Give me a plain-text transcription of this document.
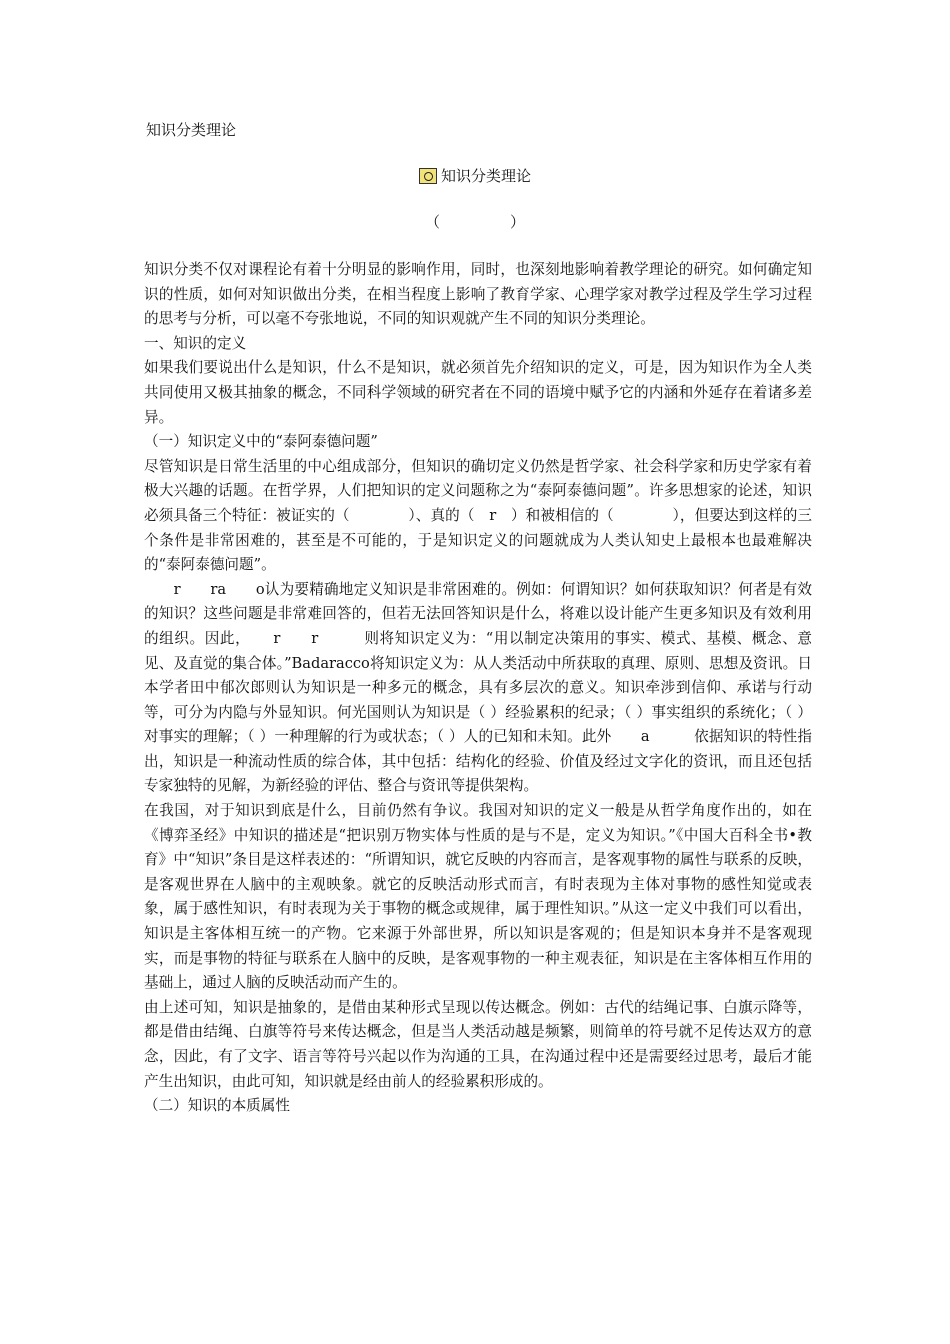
知识分类理论
知识分类理论
（	）

知识分类不仅对课程论有着十分明显的影响作用，同时，也深刻地影响着教学理论的研究。如何确定知识的性质，如何对知识做出分类，在相当程度上影响了教育学家、心理学家对教学过程及学生学习过程的思考与分析，可以毫不夸张地说，不同的知识观就产生不同的知识分类理论。

一、知识的定义

如果我们要说出什么是知识，什么不是知识，就必须首先介绍知识的定义，可是，因为知识作为全人类共同使用又极其抽象的概念，不同科学领域的研究者在不同的语境中赋予它的内涵和外延存在着诸多差异。

（一）知识定义中的“泰阿泰德问题”

尽管知识是日常生活里的中心组成部分，但知识的确切定义仍然是哲学家、社会科学家和历史学家有着极大兴趣的话题。在哲学界，人们把知识的定义问题称之为“泰阿泰德问题”。许多思想家的论述，知识必须具备三个特征：被证实的（　　　　）、真的（　r　）和被相信的（　　　　），但要达到这样的三个条件是非常困难的，甚至是不可能的，于是知识定义的问题就成为人类认知史上最根本也最难解决的“泰阿泰德问题”。

　　r　　ra　　o认为要精确地定义知识是非常困难的。例如：何谓知识？如何获取知识？何者是有效的知识？这些问题是非常难回答的，但若无法回答知识是什么，将难以设计能产生更多知识及有效利用的组织。因此，　　r　　r　　　则将知识定义为：“用以制定决策用的事实、模式、基模、概念、意见、及直觉的集合体。”Badaracco将知识定义为：从人类活动中所获取的真理、原则、思想及资讯。日本学者田中郁次郎则认为知识是一种多元的概念，具有多层次的意义。知识牵涉到信仰、承诺与行动等，可分为内隐与外显知识。何光国则认为知识是（ ）经验累积的纪录；（ ）事实组织的系统化；（ ）对事实的理解；（ ）一种理解的行为或状态；（ ）人的已知和未知。此外　　a　　　依据知识的特性指出，知识是一种流动性质的综合体，其中包括：结构化的经验、价值及经过文字化的资讯，而且还包括专家独特的见解，为新经验的评估、整合与资讯等提供架构。

在我国，对于知识到底是什么，目前仍然有争议。我国对知识的定义一般是从哲学角度作出的，如在《博弈圣经》中知识的描述是“把识别万物实体与性质的是与不是，定义为知识。”《中国大百科全书•教育》中“知识”条目是这样表述的：“所谓知识，就它反映的内容而言，是客观事物的属性与联系的反映，是客观世界在人脑中的主观映象。就它的反映活动形式而言，有时表现为主体对事物的感性知觉或表象，属于感性知识，有时表现为关于事物的概念或规律，属于理性知识。”从这一定义中我们可以看出，知识是主客体相互统一的产物。它来源于外部世界，所以知识是客观的；但是知识本身并不是客观现实，而是事物的特征与联系在人脑中的反映，是客观事物的一种主观表征，知识是在主客体相互作用的基础上，通过人脑的反映活动而产生的。

由上述可知，知识是抽象的，是借由某种形式呈现以传达概念。例如：古代的结绳记事、白旗示降等，都是借由结绳、白旗等符号来传达概念，但是当人类活动越是频繁，则简单的符号就不足传达双方的意念，因此，有了文字、语言等符号兴起以作为沟通的工具，在沟通过程中还是需要经过思考，最后才能产生出知识，由此可知，知识就是经由前人的经验累积形成的。

（二）知识的本质属性
